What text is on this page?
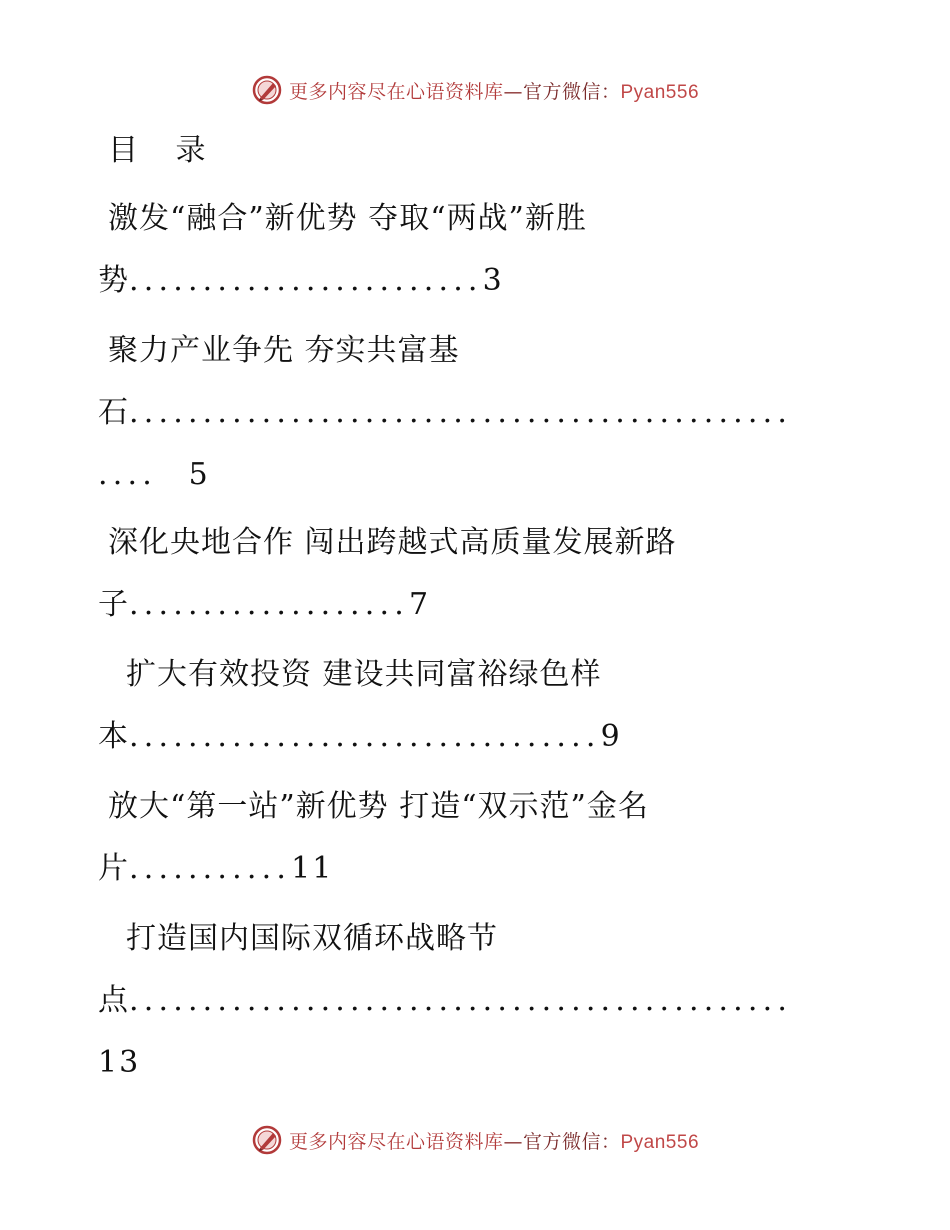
更多内容尽在心语资料库—官方微信：Pyan556
目 录
激发“融合”新优势 夺取“两战”新胜
势........................3
聚力产业争先 夯实共富基
石.............................................
.... 5
深化央地合作 闯出跨越式高质量发展新路
子...................7
扩大有效投资 建设共同富裕绿色样
本................................9
放大“第一站”新优势 打造“双示范”金名
片...........11
打造国内国际双循环战略节
点.............................................
13
更多内容尽在心语资料库—官方微信：Pyan556
